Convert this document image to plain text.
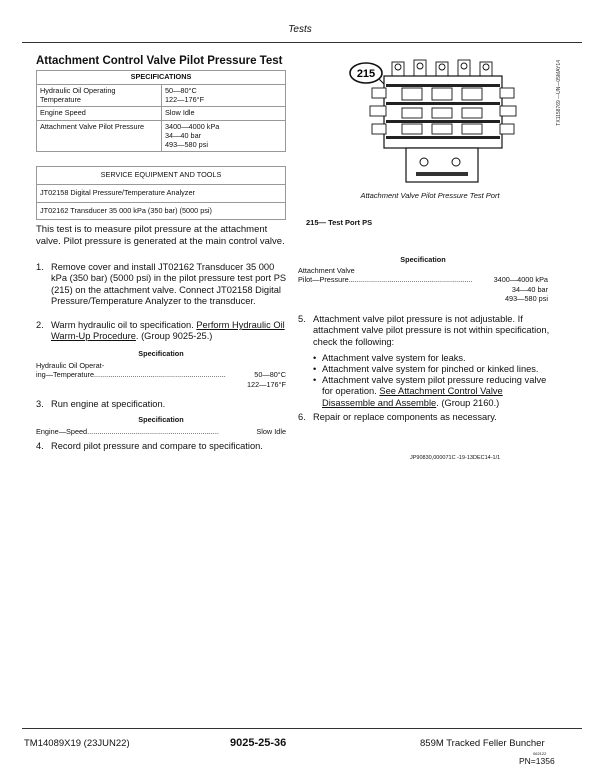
Tests
Attachment Control Valve Pilot Pressure Test
SPECIFICATIONS	
Hydraulic Oil Operating Temperature	50—80°C
122—176°F
Engine Speed	Slow Idle
Attachment Valve Pilot Pressure	3400—4000 kPa
34—40 bar
493—580 psi
SERVICE EQUIPMENT AND TOOLS
JT02158 Digital Pressure/Temperature Analyzer
JT02162 Transducer 35 000 kPa (350 bar) (5000 psi)
This test is to measure pilot pressure at the attachment valve. Pilot pressure is generated at the main control valve.
1. Remove cover and install JT02162 Transducer 35 000 kPa (350 bar) (5000 psi) in the pilot pressure test port PS (215) on the attachment valve. Connect JT02158 Digital Pressure/Temperature Analyzer to the transducer.
2. Warm hydraulic oil to specification. Perform Hydraulic Oil Warm-Up Procedure. (Group 9025-25.)
Specification
Hydraulic Oil Operat-
ing—Temperature.................................................................	50—80°C
122—176°F
3. Run engine at specification.
Specification
Engine—Speed.................................................................	Slow Idle
4. Record pilot pressure and compare to specification.
215	TX1158769 —UN—05MAY14
Attachment Valve Pilot Pressure Test Port
215— Test Port PS
Specification
Attachment Valve
Pilot—Pressure.............................................................	3400—4000 kPa
34—40 bar
493—580 psi
5. Attachment valve pilot pressure is not adjustable. If attachment valve pilot pressure is not within specification, check the following:
• Attachment valve system for leaks.
• Attachment valve system for pinched or kinked lines.
• Attachment valve system pilot pressure reducing valve for operation. See Attachment Control Valve Disassemble and Assemble. (Group 2160.)
6. Repair or replace components as necessary.
JP90830,000071C -19-13DEC14-1/1
TM14089X19 (23JUN22)	9025-25-36	859M Tracked Feller Buncher
062122
PN=1356
